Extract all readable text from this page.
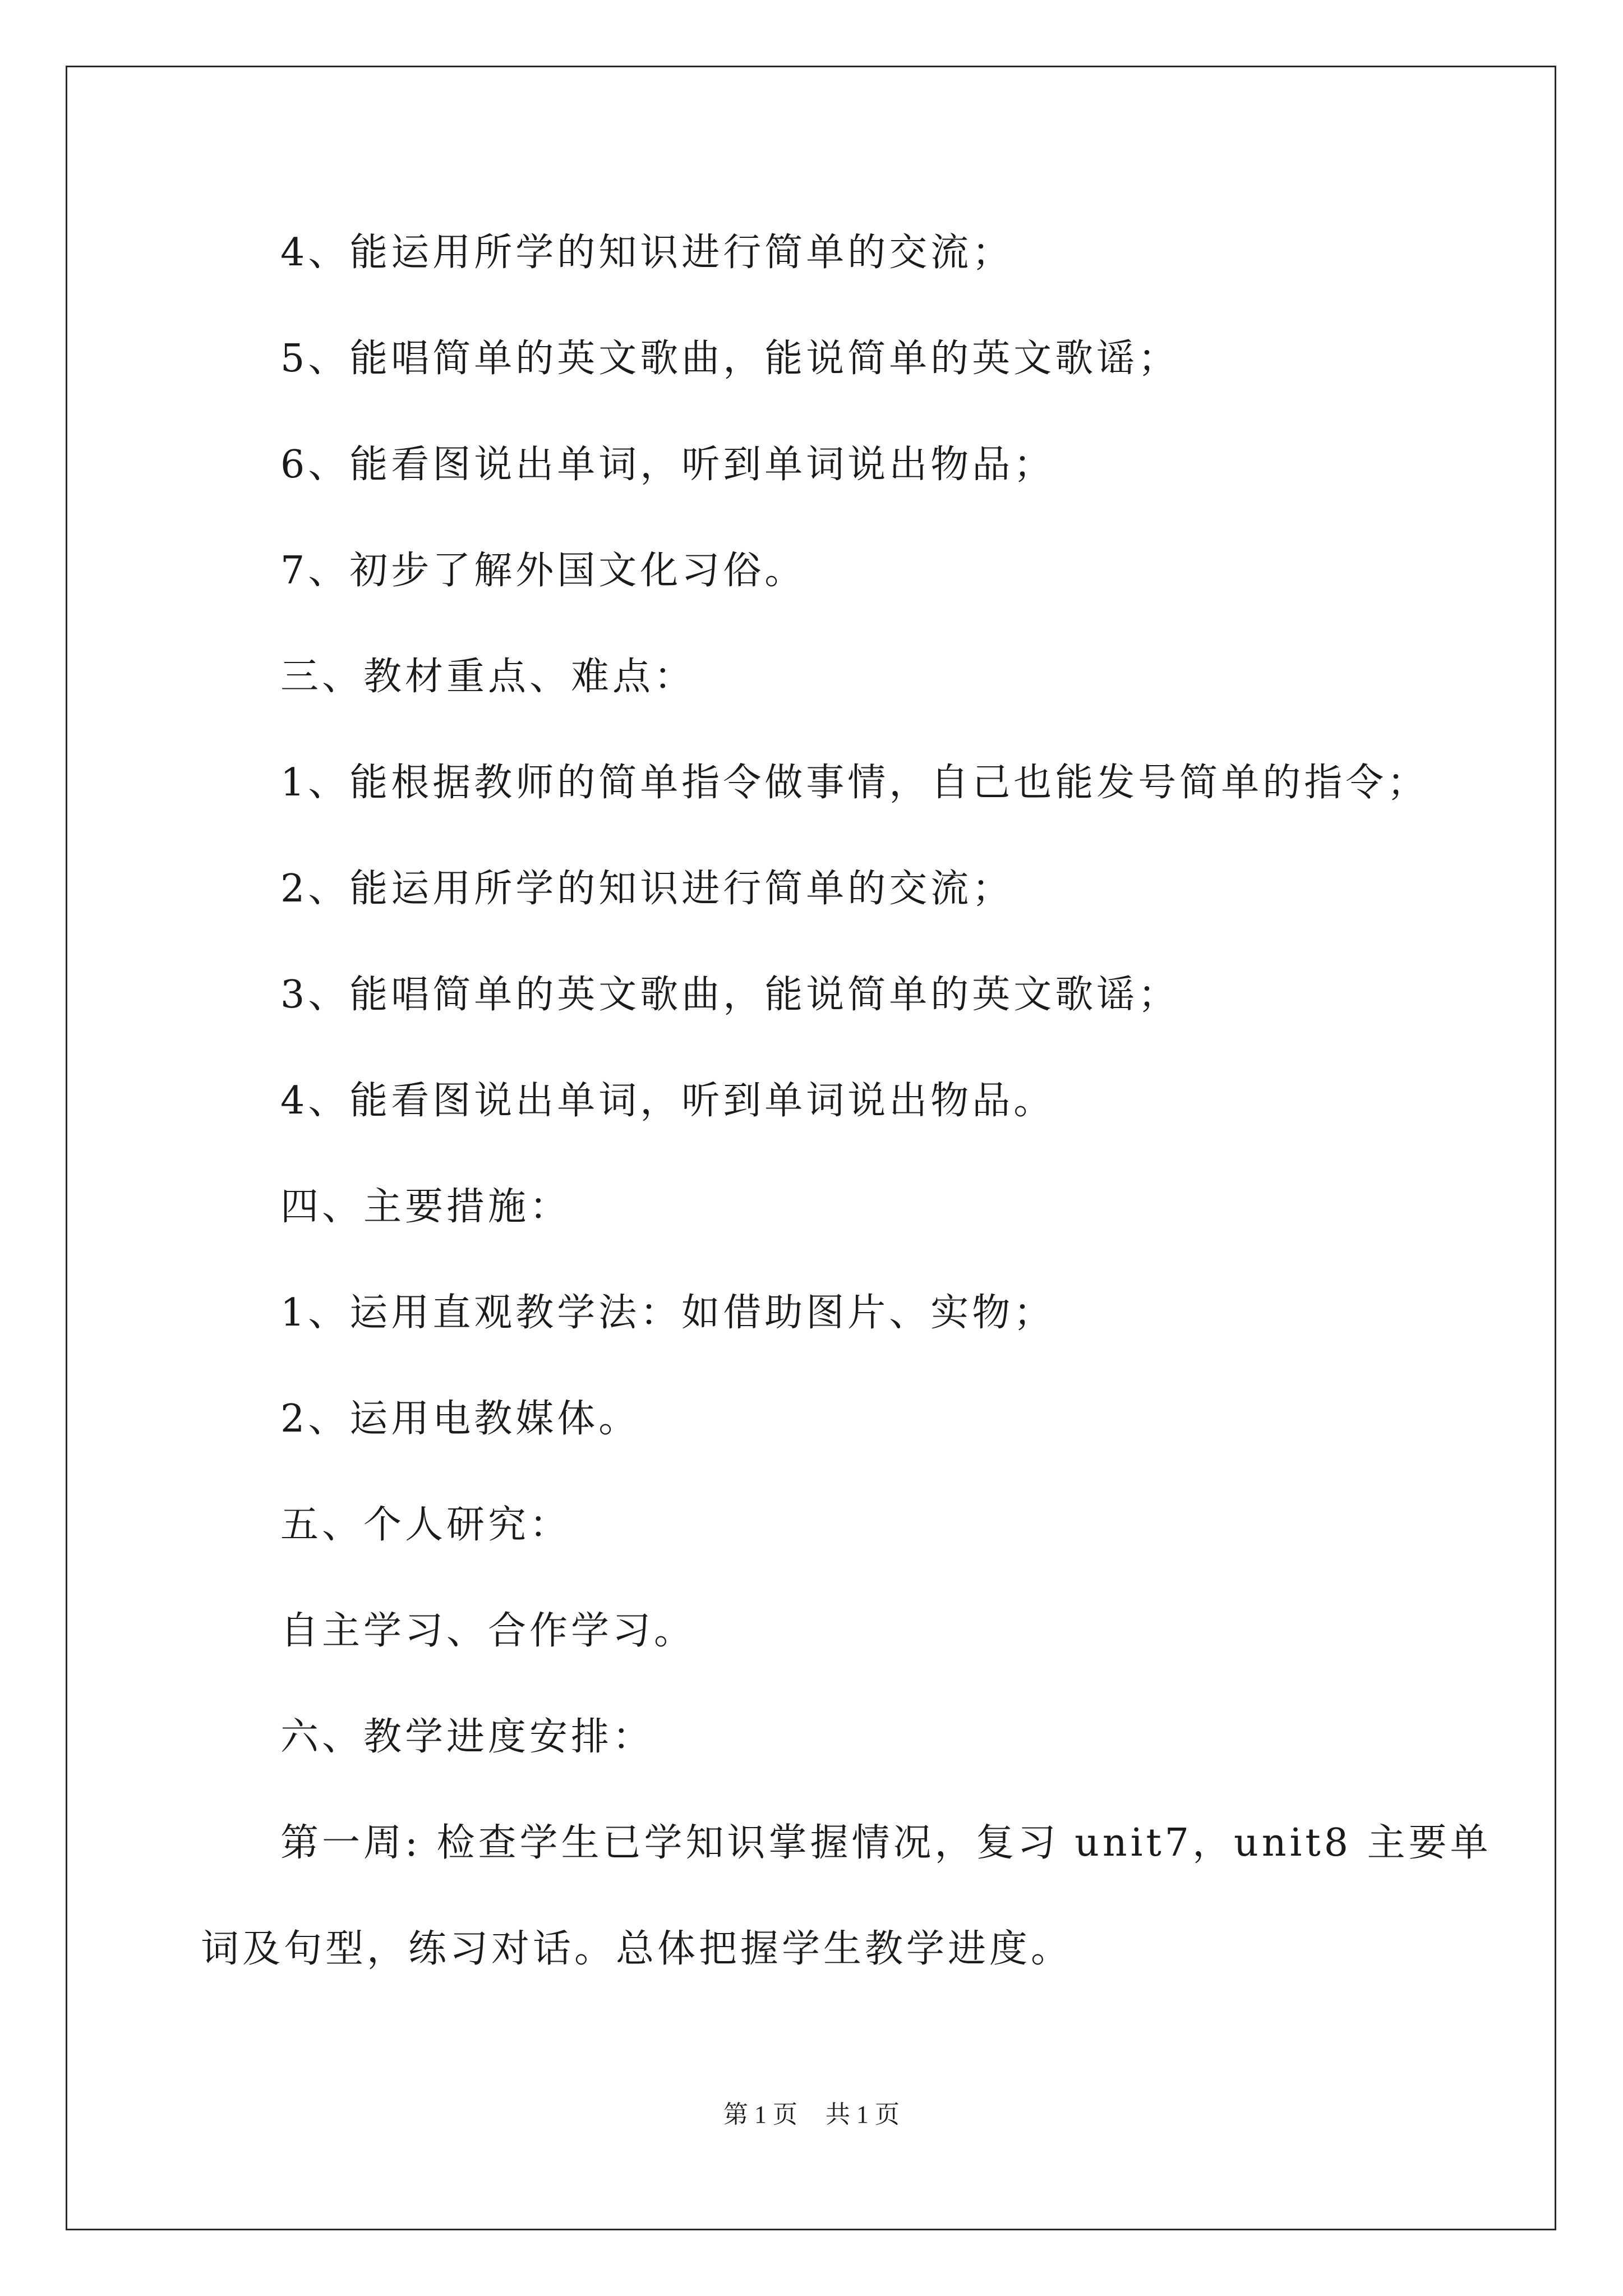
4、能运用所学的知识进行简单的交流；
5、能唱简单的英文歌曲，能说简单的英文歌谣；
6、能看图说出单词，听到单词说出物品；
7、初步了解外国文化习俗。
三、教材重点、难点：
1、能根据教师的简单指令做事情，自己也能发号简单的指令；
2、能运用所学的知识进行简单的交流；
3、能唱简单的英文歌曲，能说简单的英文歌谣；
4、能看图说出单词，听到单词说出物品。
四、主要措施：
1、运用直观教学法：如借助图片、实物；
2、运用电教媒体。
五、个人研究：
自主学习、合作学习。
六、教学进度安排：
第一周: 检查学生已学知识掌握情况，复习 unit7，unit8 主要单
词及句型，练习对话。总体把握学生教学进度。
第 1 页 共 1 页
